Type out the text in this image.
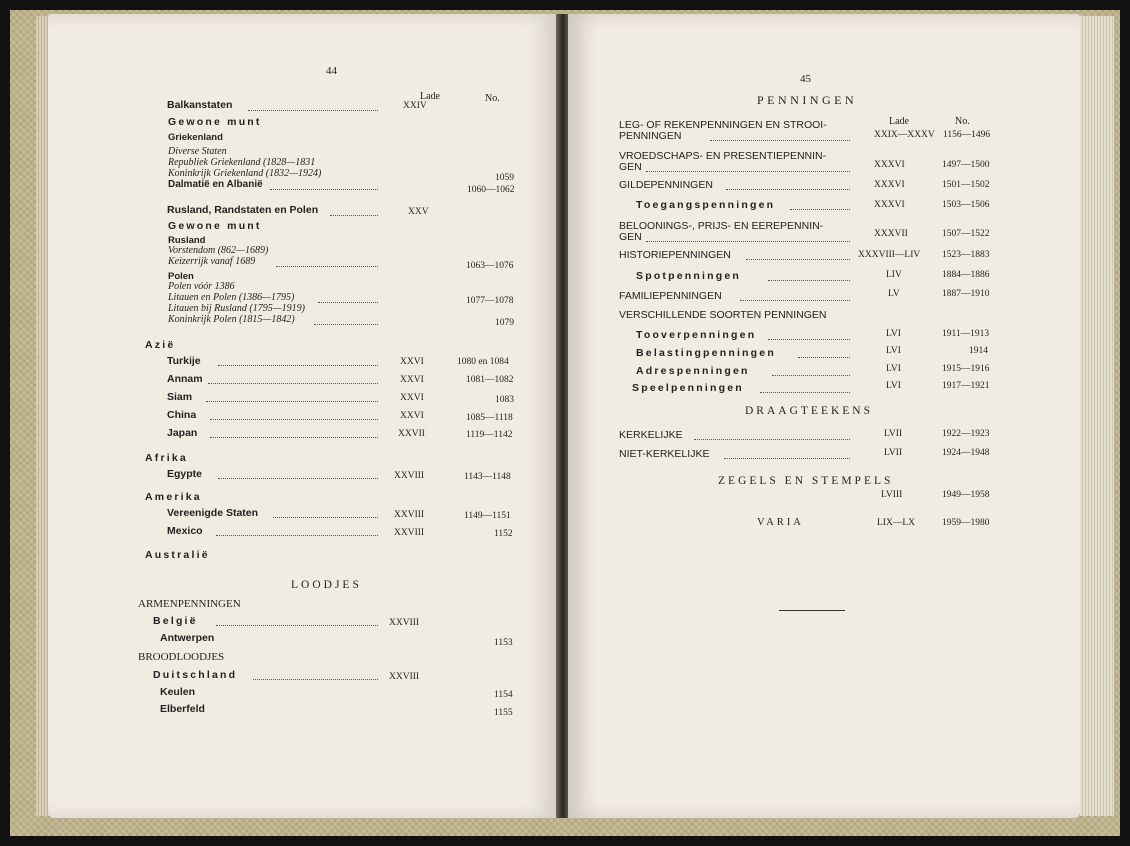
44
Lade	No.
Balkanstaten	XXIV
Gewone munt
Griekenland
Diverse Staten
Republiek Griekenland (1828—1831
Koninkrijk Griekenland (1832—1924)	1059
Dalmatië en Albanië	1060—1062
Rusland, Randstaten en Polen	XXV
Gewone munt
Rusland
Vorstendom (862—1689)
Keizerrijk vanaf 1689	1063—1076
Polen
Polen vóór 1386
Litauen en Polen (1386—1795)	1077—1078
Litauen bij Rusland (1795—1919)
Koninkrijk Polen (1815—1842)	1079
Azië
Turkije	XXVI	1080 en 1084
Annam	XXVI	1081—1082
Siam	XXVI	1083
China	XXVI	1085—1118
Japan	XXVII	1119—1142
Afrika
Egypte	XXVIII	1143—1148
Amerika
Vereenigde Staten	XXVIII	1149—1151
Mexico	XXVIII	1152
Australië
LOODJES
ARMENPENNINGEN
België	XXVIII
Antwerpen	1153
BROODLOODJES
Duitschland	XXVIII
Keulen	1154
Elberfeld	1155
45
PENNINGEN
Lade	No.
LEG- OF REKENPENNINGEN EN STROOI-
PENNINGEN	XXIX—XXXV 1156—1496
VROEDSCHAPS- EN PRESENTIEPENNIN-
GEN	XXXVI	1497—1500
GILDEPENNINGEN	XXXVI	1501—1502
Toegangspenningen	XXXVI	1503—1506
BELOONINGS-, PRIJS- EN EEREPENNIN-
GEN	XXXVII	1507—1522
HISTORIEPENNINGEN	XXXVIII—LIV 1523—1883
Spotpenningen	LIV	1884—1886
FAMILIEPENNINGEN	LV	1887—1910
VERSCHILLENDE SOORTEN PENNINGEN
Tooverpenningen	LVI	1911—1913
Belastingpenningen	LVI	1914
Adrespenningen	LVI	1915—1916
Speelpenningen	LVI	1917—1921
DRAAGTEEKENS
KERKELIJKE	LVII	1922—1923
NIET-KERKELIJKE	LVII	1924—1948
ZEGELS EN STEMPELS
LVIII	1949—1958
VARIA	LIX—LX	1959—1980
